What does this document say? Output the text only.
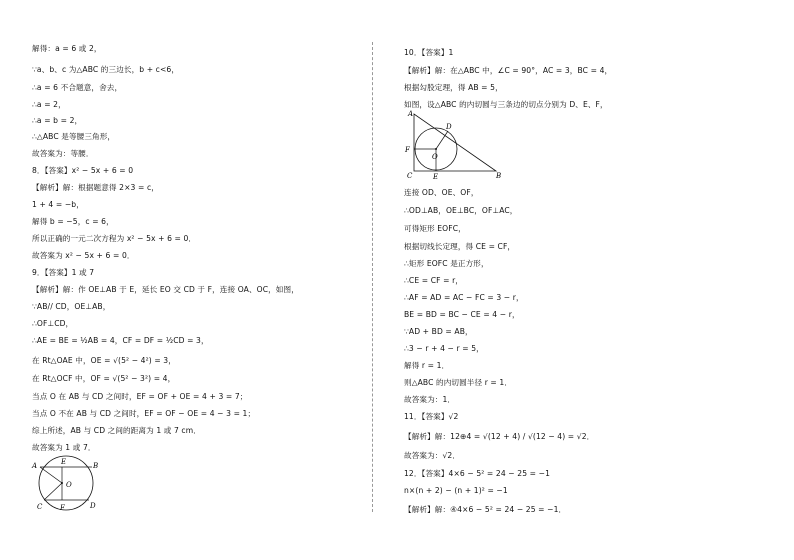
解得：a = 6 或 2，
∵a、b、c 为△ABC 的三边长，b + c<6，
∴a = 6 不合题意，舍去，
∴a = 2，
∴a = b = 2，
∴△ABC 是等腰三角形，
故答案为：等腰．
8．【答案】x² − 5x + 6 = 0
【解析】解：根据题意得 2×3 = c，
1 + 4 = −b，
解得 b = −5，c = 6，
所以正确的一元二次方程为 x² − 5x + 6 = 0．
故答案为 x² − 5x + 6 = 0．
9．【答案】1 或 7
【解析】解：作 OE⊥AB 于 E，延长 EO 交 CD 于 F，连接 OA、OC，如图，
∵AB// CD，OE⊥AB，
∴OF⊥CD，
∴AE = BE = ½AB = 4，CF = DF = ½CD = 3，
在 Rt△OAE 中，OE = √(5² − 4²) = 3，
在 Rt△OCF 中，OF = √(5² − 3²) = 4，
当点 O 在 AB 与 CD 之间时，EF = OF + OE = 4 + 3 = 7；
当点 O 不在 AB 与 CD 之间时，EF = OF − OE = 4 − 3 = 1；
综上所述，AB 与 CD 之间的距离为 1 或 7 cm．
故答案为 1 或 7．
A	E	B
O
C	F	D
10．【答案】1
【解析】解：在△ABC 中，∠C = 90°，AC = 3，BC = 4，
根据勾股定理，得 AB = 5，
如图，设△ABC 的内切圆与三条边的切点分别为 D、E、F，
A
D
F
O
C	E	B
连接 OD、OE、OF，
∴OD⊥AB，OE⊥BC，OF⊥AC，
可得矩形 EOFC，
根据切线长定理，得 CE = CF，
∴矩形 EOFC 是正方形，
∴CE = CF = r，
∴AF = AD = AC − FC = 3 − r，
BE = BD = BC − CE = 4 − r，
∵AD + BD = AB，
∴3 − r + 4 − r = 5，
解得 r = 1．
则△ABC 的内切圆半径 r = 1．
故答案为：1．
11．【答案】√2
【解析】解：12⊕4 = √(12 + 4) / √(12 − 4) = √2．
故答案为：√2．
12．【答案】4×6 − 5² = 24 − 25 = −1
n×(n + 2) − (n + 1)² = −1
【解析】解：④4×6 − 5² = 24 − 25 = −1．
